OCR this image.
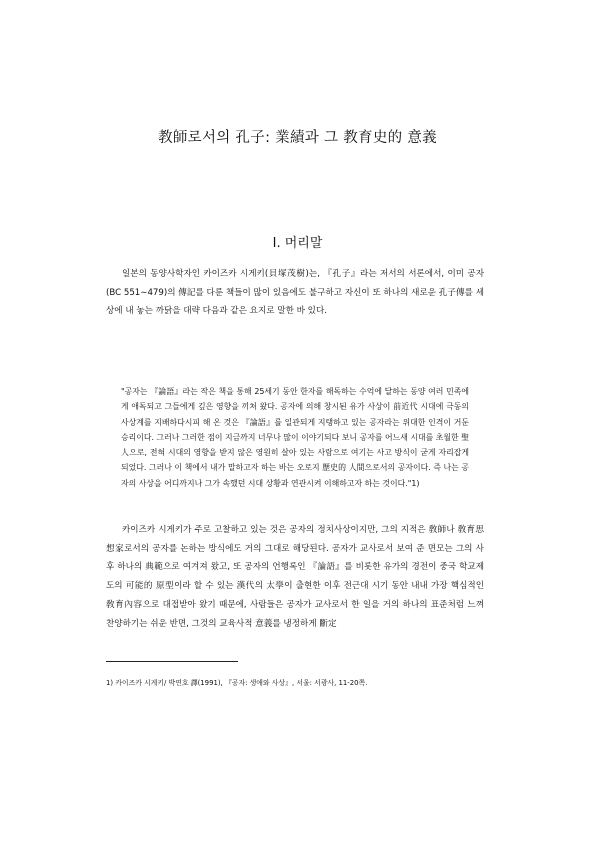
教師로서의 孔子: 業績과 그 教育史的 意義
Ⅰ. 머리말

일본의 동양사학자인 카이즈카 시게키(貝塚茂樹)는, 『孔子』라는 저서의 서론에서, 이미 공자(BC 551∼479)의 傳記를 다룬 책들이 많이 있음에도 불구하고 자신이 또 하나의 새로운 孔子傳를 세상에 내 놓는 까닭을 대략 다음과 같은 요지로 말한 바 있다.

"공자는 『論語』라는 작은 책을 통해 25세기 동안 한자를 해독하는 수억에 달하는 동양 여러 민족에게 애독되고 그들에게 깊은 영향을 끼쳐 왔다. 공자에 의해 창시된 유가 사상이 前近代 시대에 극동의 사상계를 지배하다시피 해 온 것은 『論語』를 일관되게 지탱하고 있는 공자라는 위대한 인격이 거둔 승리이다. 그러나 그러한 점이 지금까지 너무나 많이 이야기되다 보니 공자를 어느새 시대를 초월한 聖人으로, 전혀 시대의 영향을 받지 않은 영원히 살아 있는 사람으로 여기는 사고 방식이 굳게 자리잡게 되었다. 그러나 이 책에서 내가 말하고자 하는 바는 오로지 歷史的 人間으로서의 공자이다. 즉 나는 공자의 사상을 어디까지나 그가 속했던 시대 상황과 연관시켜 이해하고자 하는 것이다."1)

카이즈카 시게키가 주로 고찰하고 있는 것은 공자의 정치사상이지만, 그의 지적은 敎師나 敎育思想家로서의 공자를 논하는 방식에도 거의 그대로 해당된다. 공자가 교사로서 보여 준 면모는 그의 사후 하나의 典範으로 여겨져 왔고, 또 공자의 언행록인 『論語』를 비롯한 유가의 경전이 중국 학교제도의 可能的 原型이라 할 수 있는 漢代의 太學이 출현한 이후 전근대 시기 동안 내내 가장 핵심적인 敎育內容으로 대접받아 왔기 때문에, 사람들은 공자가 교사로서 한 일을 거의 하나의 표준처럼 느껴 찬양하기는 쉬운 반면, 그것의 교육사적 意義를 냉정하게 斷定

1) 카이즈카 시게키/ 박연호 譯(1991), 『공자: 생애와 사상』, 서울: 서광사, 11-20쪽.
